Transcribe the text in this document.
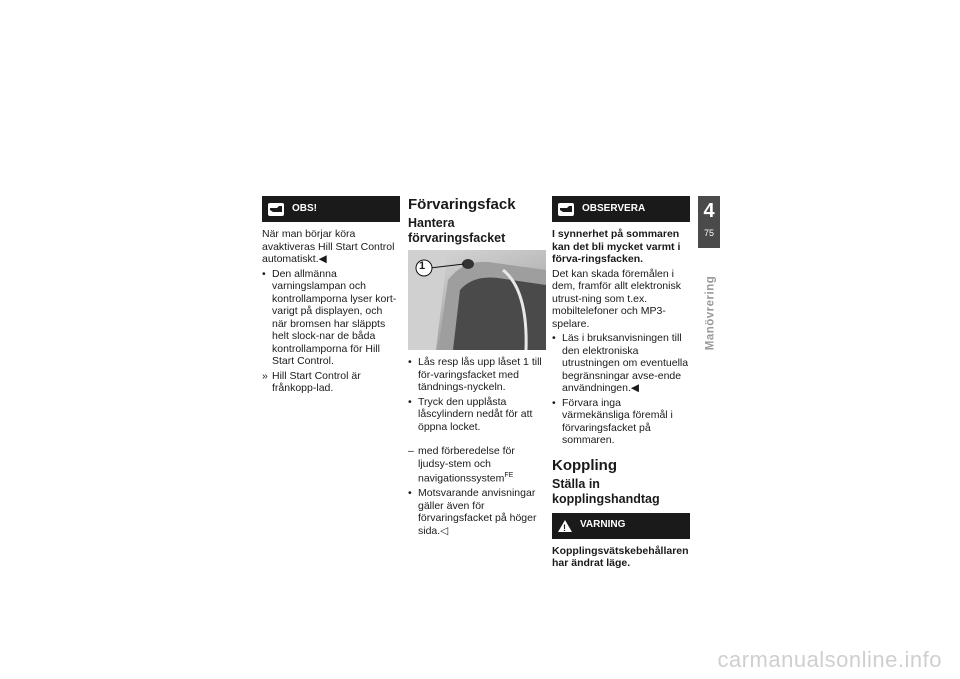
OBS!

När man börjar köra avaktiveras Hill Start Control automatiskt.◀

• Den allmänna varningslampan och kontrollamporna lyser kort-varigt på displayen, och när bromsen har släppts helt slock-nar de båda kontrollamporna för Hill Start Control.
» Hill Start Control är frånkopp-lad.
Förvaringsfack
Hantera förvaringsfacket
1
• Lås resp lås upp låset 1 till för-varingsfacket med tändnings-nyckeln.
• Tryck den upplåsta låscylindern nedåt för att öppna locket.
– med förberedelse för ljudsy-stem och navigationssystem$^{FE}$
• Motsvarande anvisningar gäller även för förvaringsfacket på höger sida.◁
OBSERVERA

I synnerhet på sommaren kan det bli mycket varmt i förva-ringsfacken.

Det kan skada föremålen i dem, framför allt elektronisk utrust-ning som t.ex. mobiltelefoner och MP3-spelare.

• Läs i bruksanvisningen till den elektroniska utrustningen om eventuella begränsningar avse-ende användningen.◀
• Förvara inga värmekänsliga föremål i förvaringsfacket på sommaren.
Koppling
Ställa in kopplingshandtag
! VARNING

Kopplingsvätskebehållaren har ändrat läge.

4
75
Manövrering
carmanualsonline.info
